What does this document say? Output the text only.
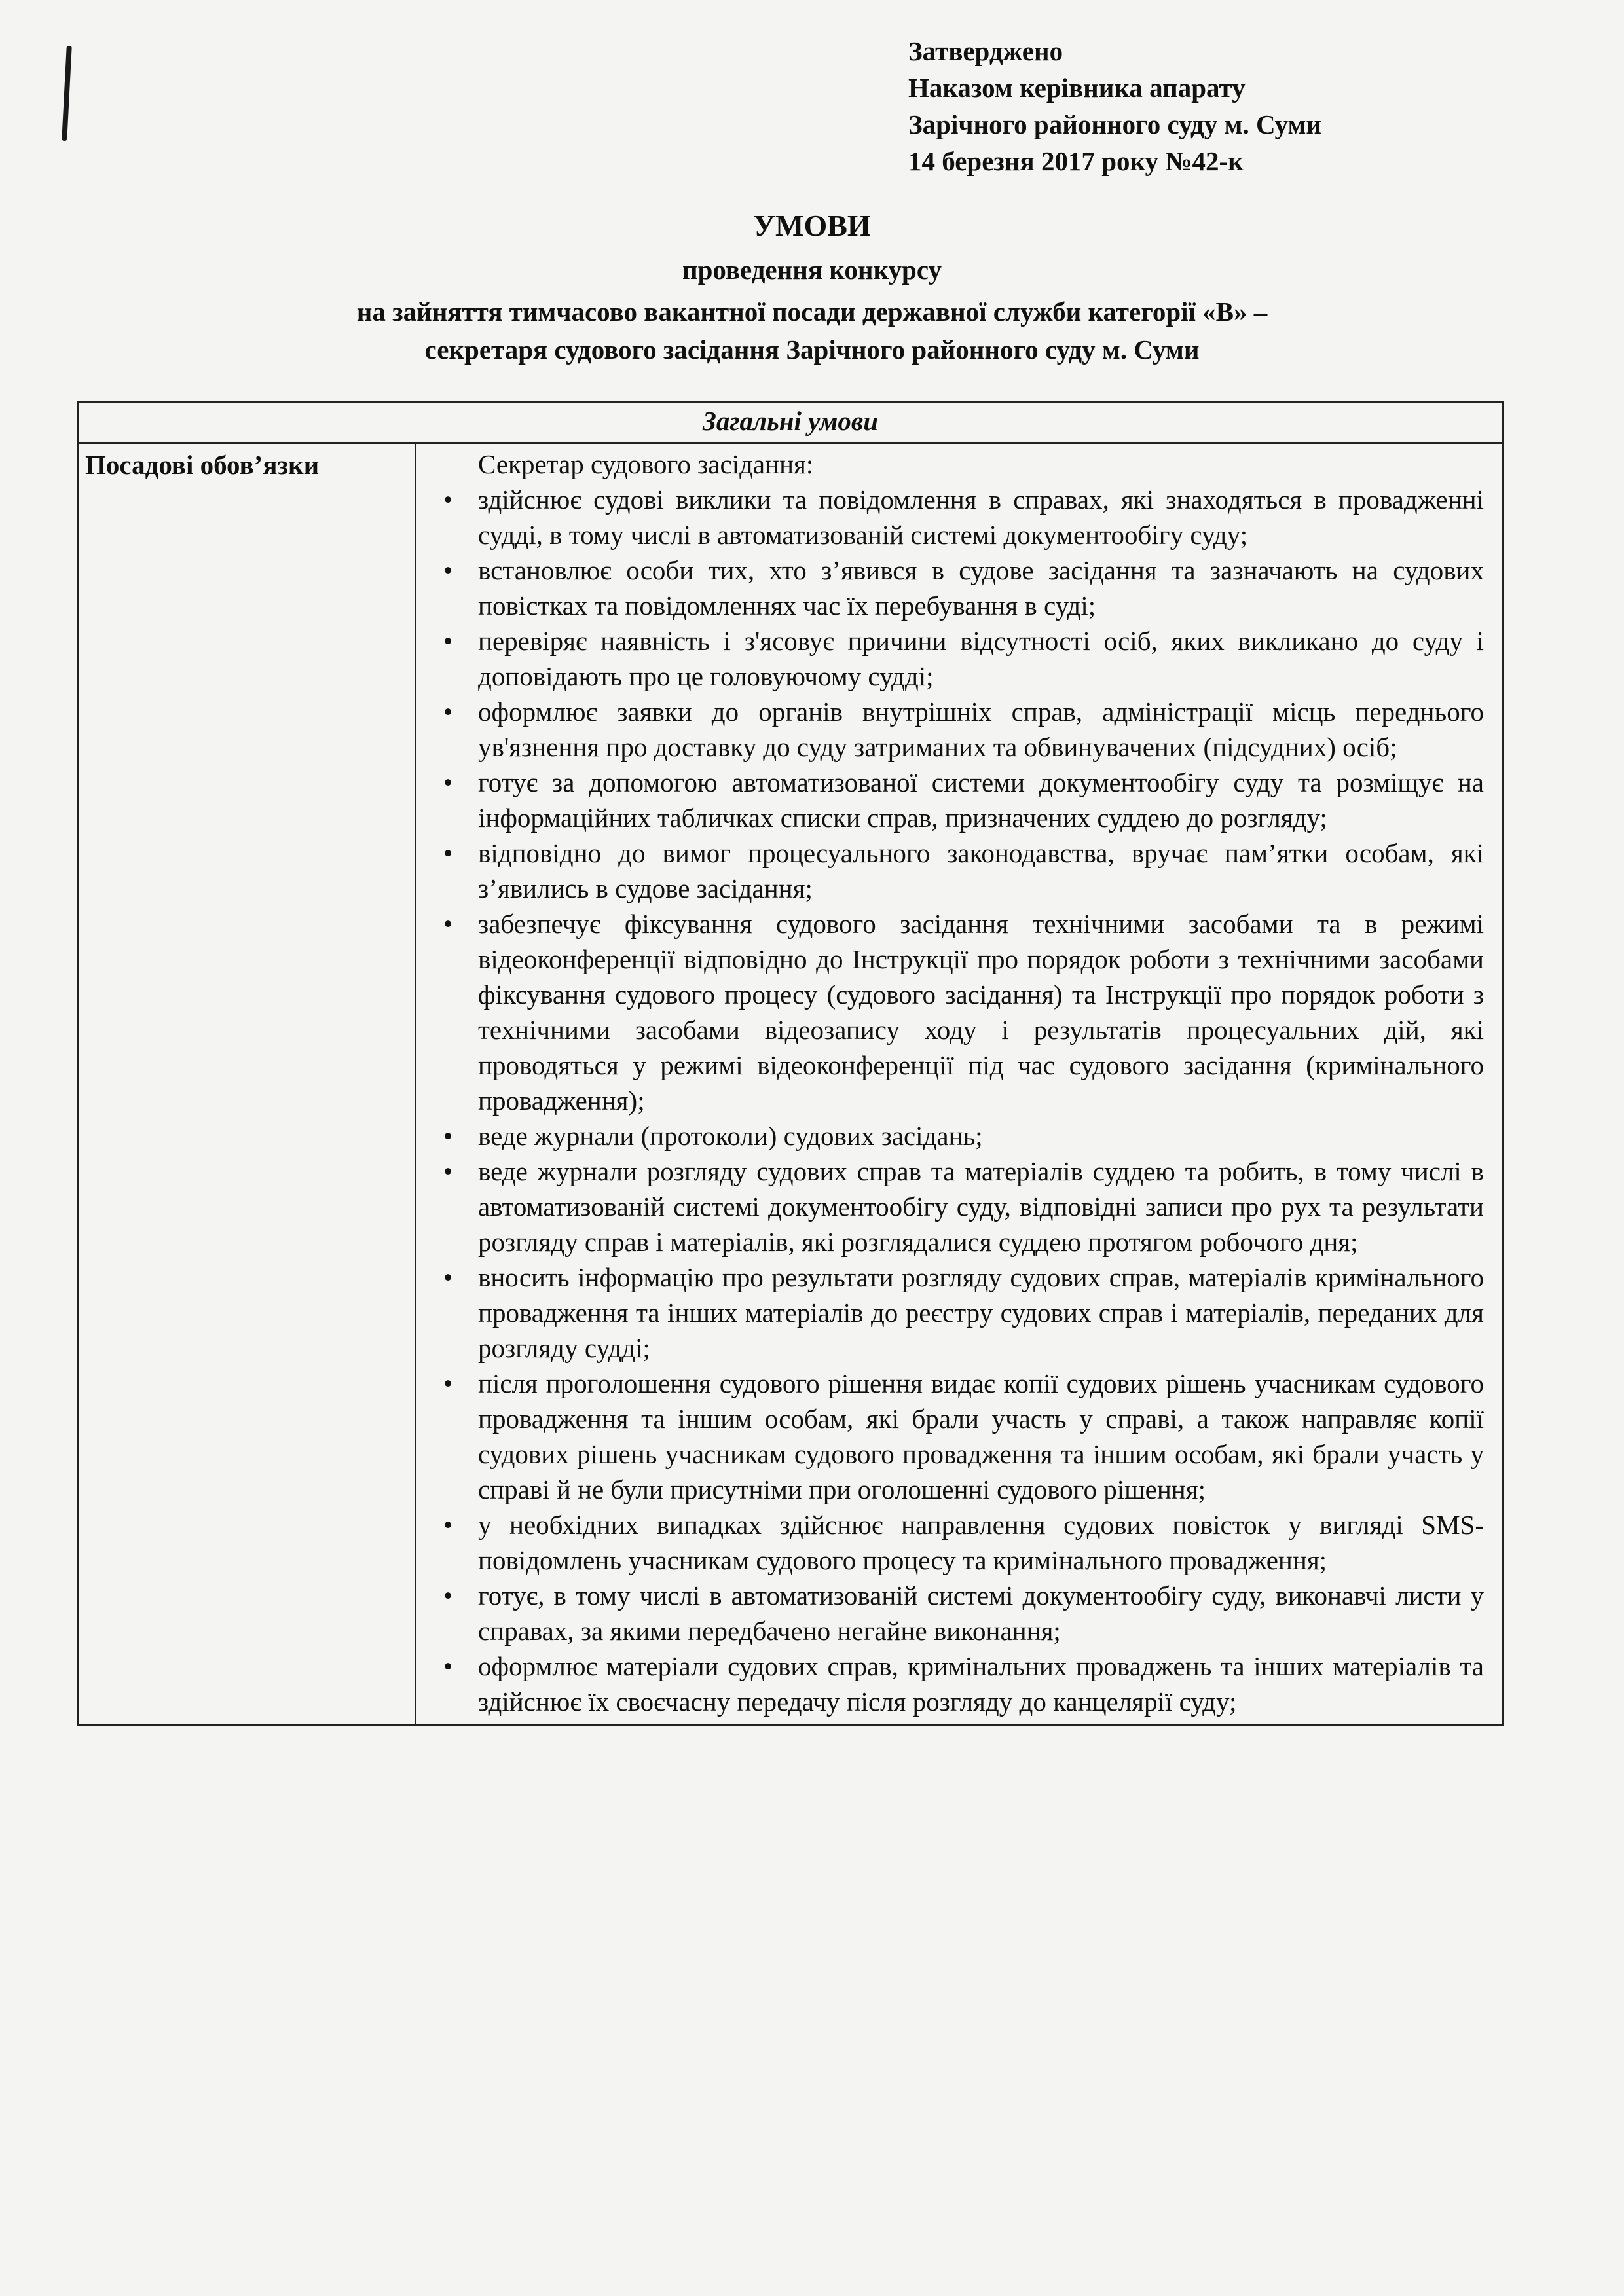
Затверджено
Наказом керівника апарату
Зарічного районного суду м. Суми
14 березня 2017 року №42-к
УМОВИ
проведення конкурсу
на зайняття тимчасово вакантної посади державної служби категорії «В» –
секретаря судового засідання Зарічного районного суду м. Суми
Загальні умови
Посадові обов’язки	Секретар судового засідання:
• здійснює судові виклики та повідомлення в справах, які знаходяться в провадженні судді, в тому числі в автоматизованій системі документообігу суду;
• встановлює особи тих, хто з’явився в судове засідання та зазначають на судових повістках та повідомленнях час їх перебування в суді;
• перевіряє наявність і з'ясовує причини відсутності осіб, яких викликано до суду і доповідають про це головуючому судді;
• оформлює заявки до органів внутрішніх справ, адміністрації місць переднього ув'язнення про доставку до суду затриманих та обвинувачених (підсудних) осіб;
• готує за допомогою автоматизованої системи документообігу суду та розміщує на інформаційних табличках списки справ, призначених суддею до розгляду;
• відповідно до вимог процесуального законодавства, вручає пам’ятки особам, які з’явились в судове засідання;
• забезпечує фіксування судового засідання технічними засобами та в режимі відеоконференції відповідно до Інструкції про порядок роботи з технічними засобами фіксування судового процесу (судового засідання) та Інструкції про порядок роботи з технічними засобами відеозапису ходу і результатів процесуальних дій, які проводяться у режимі відеоконференції під час судового засідання (кримінального провадження);
• веде журнали (протоколи) судових засідань;
• веде журнали розгляду судових справ та матеріалів суддею та робить, в тому числі в автоматизованій системі документообігу суду, відповідні записи про рух та результати розгляду справ і матеріалів, які розглядалися суддею протягом робочого дня;
• вносить інформацію про результати розгляду судових справ, матеріалів кримінального провадження та інших матеріалів до реєстру судових справ і матеріалів, переданих для розгляду судді;
• після проголошення судового рішення видає копії судових рішень учасникам судового провадження та іншим особам, які брали участь у справі, а також направляє копії судових рішень учасникам судового провадження та іншим особам, які брали участь у справі й не були присутніми при оголошенні судового рішення;
• у необхідних випадках здійснює направлення судових повісток у вигляді SMS-повідомлень учасникам судового процесу та кримінального провадження;
• готує, в тому числі в автоматизованій системі документообігу суду, виконавчі листи у справах, за якими передбачено негайне виконання;
• оформлює матеріали судових справ, кримінальних проваджень та інших матеріалів та здійснює їх своєчасну передачу після розгляду до канцелярії суду;
